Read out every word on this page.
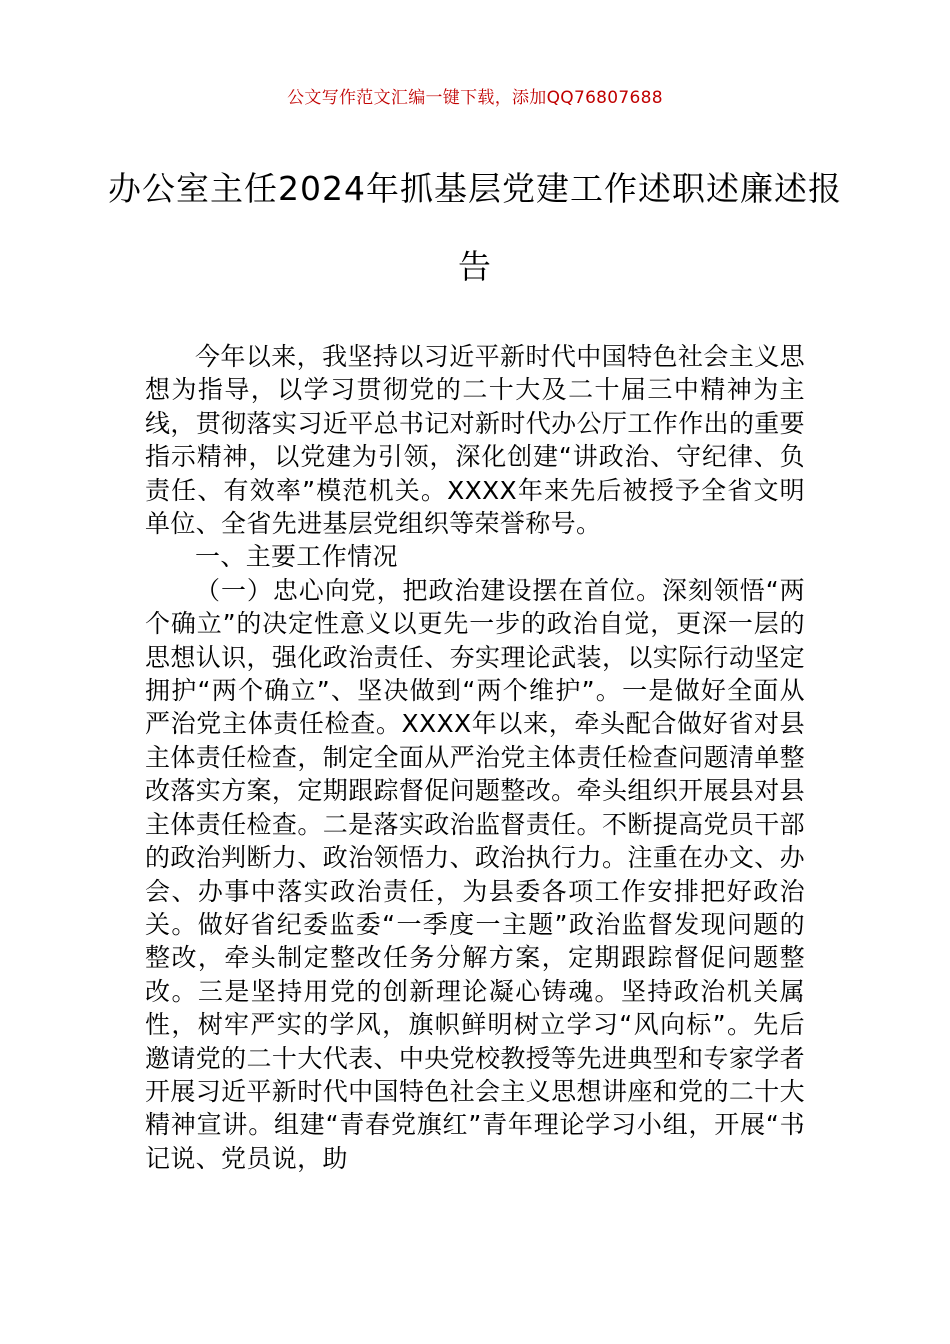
公文写作范文汇编一键下载，添加QQ76807688
办公室主任2024年抓基层党建工作述职述廉述报告

今年以来，我坚持以习近平新时代中国特色社会主义思想为指导，以学习贯彻党的二十大及二十届三中精神为主线，贯彻落实习近平总书记对新时代办公厅工作作出的重要指示精神，以党建为引领，深化创建“讲政治、守纪律、负责任、有效率”模范机关。XXXX年来先后被授予全省文明单位、全省先进基层党组织等荣誉称号。

一、主要工作情况

（一）忠心向党，把政治建设摆在首位。深刻领悟“两个确立”的决定性意义以更先一步的政治自觉，更深一层的思想认识，强化政治责任、夯实理论武装，以实际行动坚定拥护“两个确立”、坚决做到“两个维护”。一是做好全面从严治党主体责任检查。XXXX年以来，牵头配合做好省对县主体责任检查，制定全面从严治党主体责任检查问题清单整改落实方案，定期跟踪督促问题整改。牵头组织开展县对县主体责任检查。二是落实政治监督责任。不断提高党员干部的政治判断力、政治领悟力、政治执行力。注重在办文、办会、办事中落实政治责任，为县委各项工作安排把好政治关。做好省纪委监委“一季度一主题”政治监督发现问题的整改，牵头制定整改任务分解方案，定期跟踪督促问题整改。三是坚持用党的创新理论凝心铸魂。坚持政治机关属性，树牢严实的学风，旗帜鲜明树立学习“风向标”。先后邀请党的二十大代表、中央党校教授等先进典型和专家学者开展习近平新时代中国特色社会主义思想讲座和党的二十大精神宣讲。组建“青春党旗红”青年理论学习小组，开展“书记说、党员说，助
